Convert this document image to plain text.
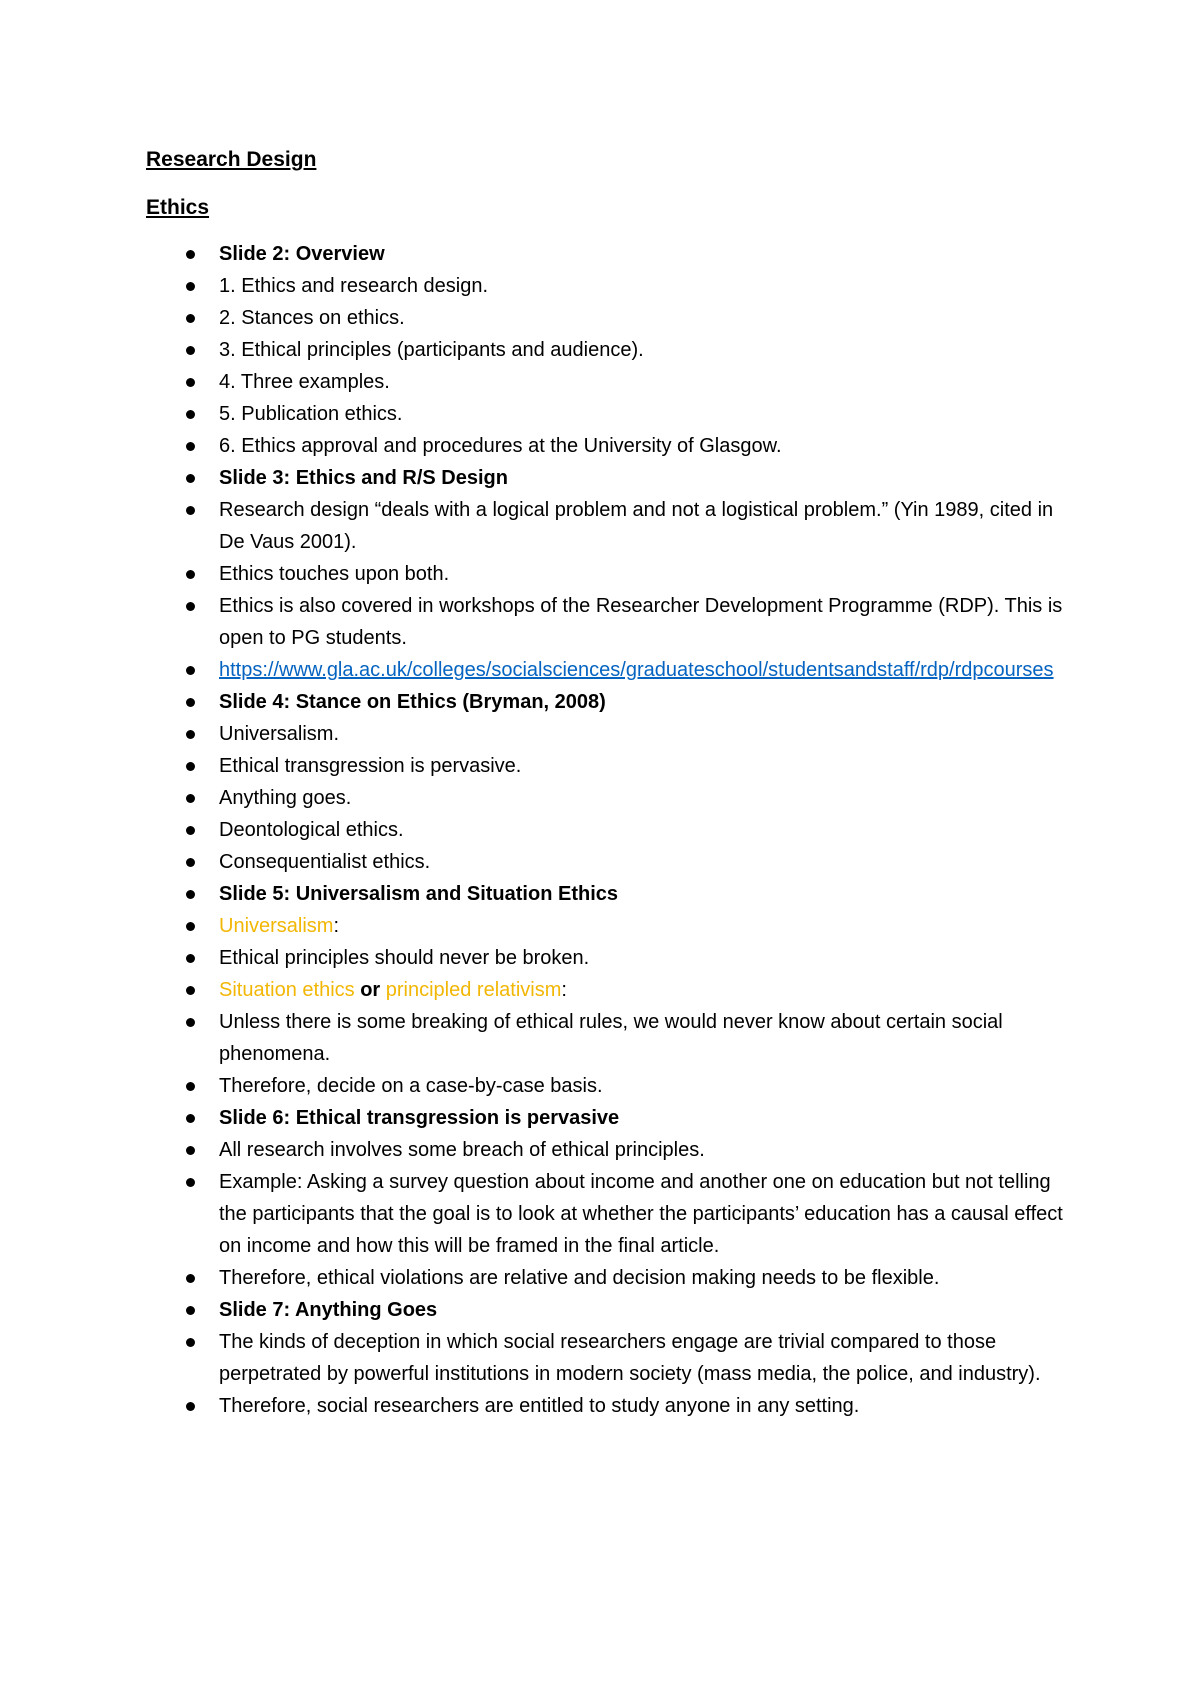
Research Design
Ethics
Slide 2: Overview
1. Ethics and research design.
2. Stances on ethics.
3. Ethical principles (participants and audience).
4. Three examples.
5. Publication ethics.
6. Ethics approval and procedures at the University of Glasgow.
Slide 3: Ethics and R/S Design
Research design “deals with a logical problem and not a logistical problem.” (Yin 1989, cited in De Vaus 2001).
Ethics touches upon both.
Ethics is also covered in workshops of the Researcher Development Programme (RDP). This is open to PG students.
https://www.gla.ac.uk/colleges/socialsciences/graduateschool/studentsandstaff/rdp/rdpcourses
Slide 4: Stance on Ethics (Bryman, 2008)
Universalism.
Ethical transgression is pervasive.
Anything goes.
Deontological ethics.
Consequentialist ethics.
Slide 5: Universalism and Situation Ethics
Universalism:
Ethical principles should never be broken.
Situation ethics or principled relativism:
Unless there is some breaking of ethical rules, we would never know about certain social phenomena.
Therefore, decide on a case-by-case basis.
Slide 6: Ethical transgression is pervasive
All research involves some breach of ethical principles.
Example: Asking a survey question about income and another one on education but not telling the participants that the goal is to look at whether the participants’ education has a causal effect on income and how this will be framed in the final article.
Therefore, ethical violations are relative and decision making needs to be flexible.
Slide 7: Anything Goes
The kinds of deception in which social researchers engage are trivial compared to those perpetrated by powerful institutions in modern society (mass media, the police, and industry).
Therefore, social researchers are entitled to study anyone in any setting.
